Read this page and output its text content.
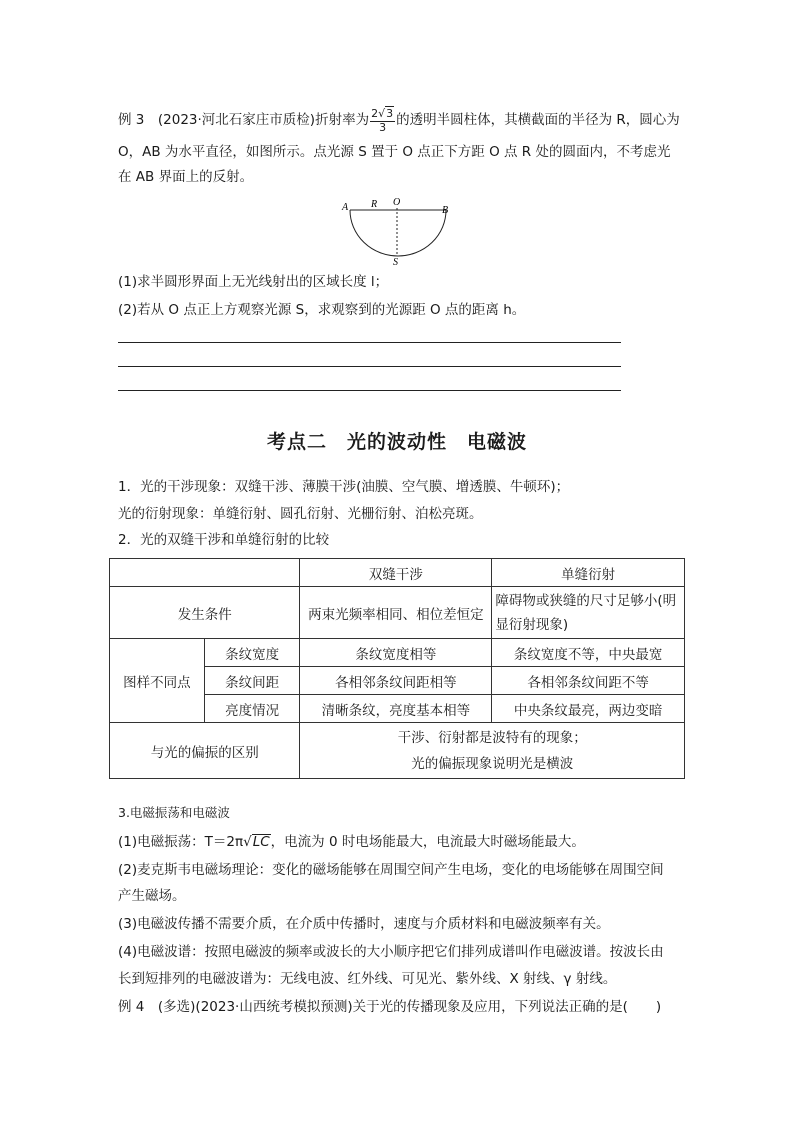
例 3　 (2023·河北石家庄市质检)折射率为 $\frac{2√3}{3}$ 的透明半圆柱体，其横截面的半径为 R，圆心为
O，AB 为水平直径，如图所示。点光源 S 置于 O 点正下方距 O 点 R 处的圆面内，不考虑光
在 AB 界面上的反射。
A R O
B
S
(1)求半圆形界面上无光线射出的区域长度 l；
(2)若从 O 点正上方观察光源 S，求观察到的光源距 O 点的距离 h。
考点二　光的波动性　电磁波
1．光的干涉现象：双缝干涉、薄膜干涉(油膜、空气膜、增透膜、牛顿环)；
光的衍射现象：单缝衍射、圆孔衍射、光栅衍射、泊松亮斑。
2．光的双缝干涉和单缝衍射的比较
		双缝干涉	单缝衍射
发生条件		两束光频率相同、相位差恒定	障碍物或狭缝的尺寸足够小(明显衍射现象)
图样不同点	条纹宽度	条纹宽度相等	条纹宽度不等，中央最宽
	条纹间距	各相邻条纹间距相等	各相邻条纹间距不等
	亮度情况	清晰条纹，亮度基本相等	中央条纹最亮，两边变暗
与光的偏振的区别		干涉、衍射都是波特有的现象；
光的偏振现象说明光是横波	
3.电磁振荡和电磁波
(1)电磁振荡：T＝2π√LC，电流为 0 时电场能最大，电流最大时磁场能最大。
(2)麦克斯韦电磁场理论：变化的磁场能够在周围空间产生电场，变化的电场能够在周围空间
产生磁场。
(3)电磁波传播不需要介质，在介质中传播时，速度与介质材料和电磁波频率有关。
(4)电磁波谱：按照电磁波的频率或波长的大小顺序把它们排列成谱叫作电磁波谱。按波长由
长到短排列的电磁波谱为：无线电波、红外线、可见光、紫外线、X 射线、γ 射线。
例 4　 (多选)(2023·山西统考模拟预测)关于光的传播现象及应用，下列说法正确的是( )
